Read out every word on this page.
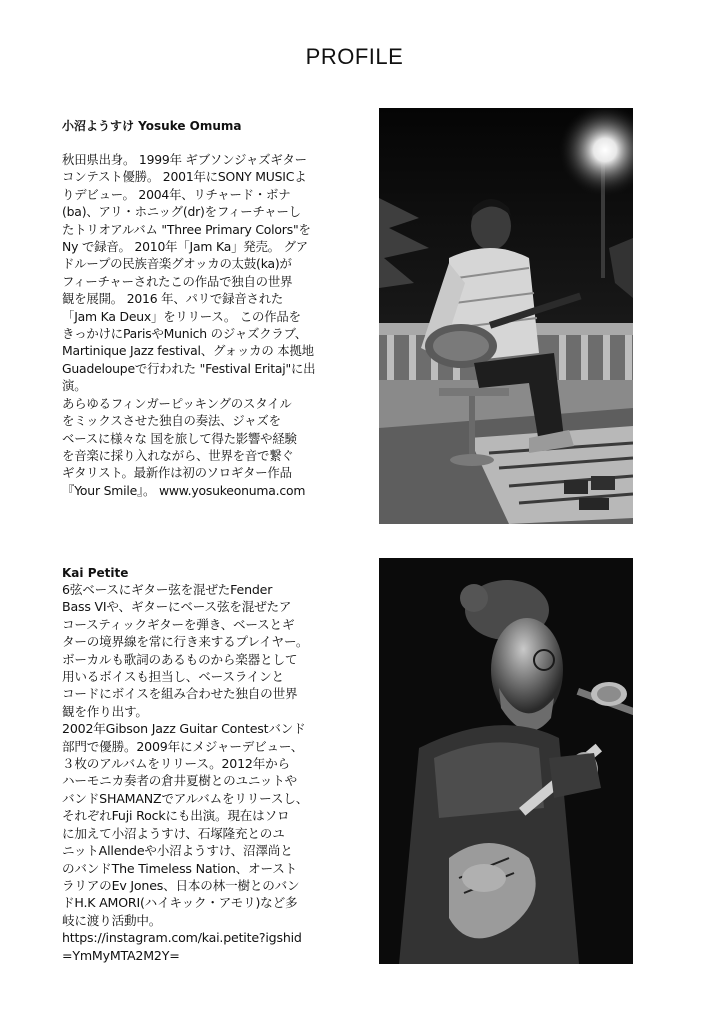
PROFILE

小沼ようすけ Yosuke Omuma

秋田県出身。 1999年 ギブソンジャズギター
コンテスト優勝。 2001年にSONY MUSICよ
りデビュー。 2004年、リチャード・ボナ
(ba)、アリ・ホニッグ(dr)をフィーチャーし
たトリオアルバム "Three Primary Colors"を
Ny で録音。 2010年「Jam Ka」発売。 グア
ドループの民族音楽グオッカの太鼓(ka)が
フィーチャーされたこの作品で独自の世界
観を展開。 2016 年、パリで録音された
「Jam Ka Deux」をリリース。 この作品を
きっかけにParisやMunich のジャズクラブ、
Martinique Jazz festival、グォッカの 本拠地
Guadeloupeで行われた "Festival Eritaj"に出
演。
あらゆるフィンガーピッキングのスタイル
をミックスさせた独自の奏法、ジャズを
ベースに様々な 国を旅して得た影響や経験
を音楽に採り入れながら、世界を音で繋ぐ
ギタリスト。最新作は初のソロギター作品
『Your Smile』。 www.yosukeonuma.com

Kai Petite

6弦ベースにギター弦を混ぜたFender
Bass VIや、ギターにベース弦を混ぜたア
コースティックギターを弾き、ベースとギ
ターの境界線を常に行き来するプレイヤー。
ボーカルも歌詞のあるものから楽器として
用いるボイスも担当し、ベースラインと
コードにボイスを組み合わせた独自の世界
観を作り出す。
2002年Gibson Jazz Guitar Contestバンド
部門で優勝。2009年にメジャーデビュー、
３枚のアルバムをリリース。2012年から
ハーモニカ奏者の倉井夏樹とのユニットや
バンドSHAMANZでアルバムをリリースし、
それぞれFuji Rockにも出演。現在はソロ
に加えて小沼ようすけ、石塚隆充とのユ
ニットAllendeや小沼ようすけ、沼澤尚と
のバンドThe Timeless Nation、オースト
ラリアのEv Jones、日本の林一樹とのバン
ドH.K AMORI(ハイキック・アモリ)など多
岐に渡り活動中。
https://instagram.com/kai.petite?igshid
=YmMyMTA2M2Y=
